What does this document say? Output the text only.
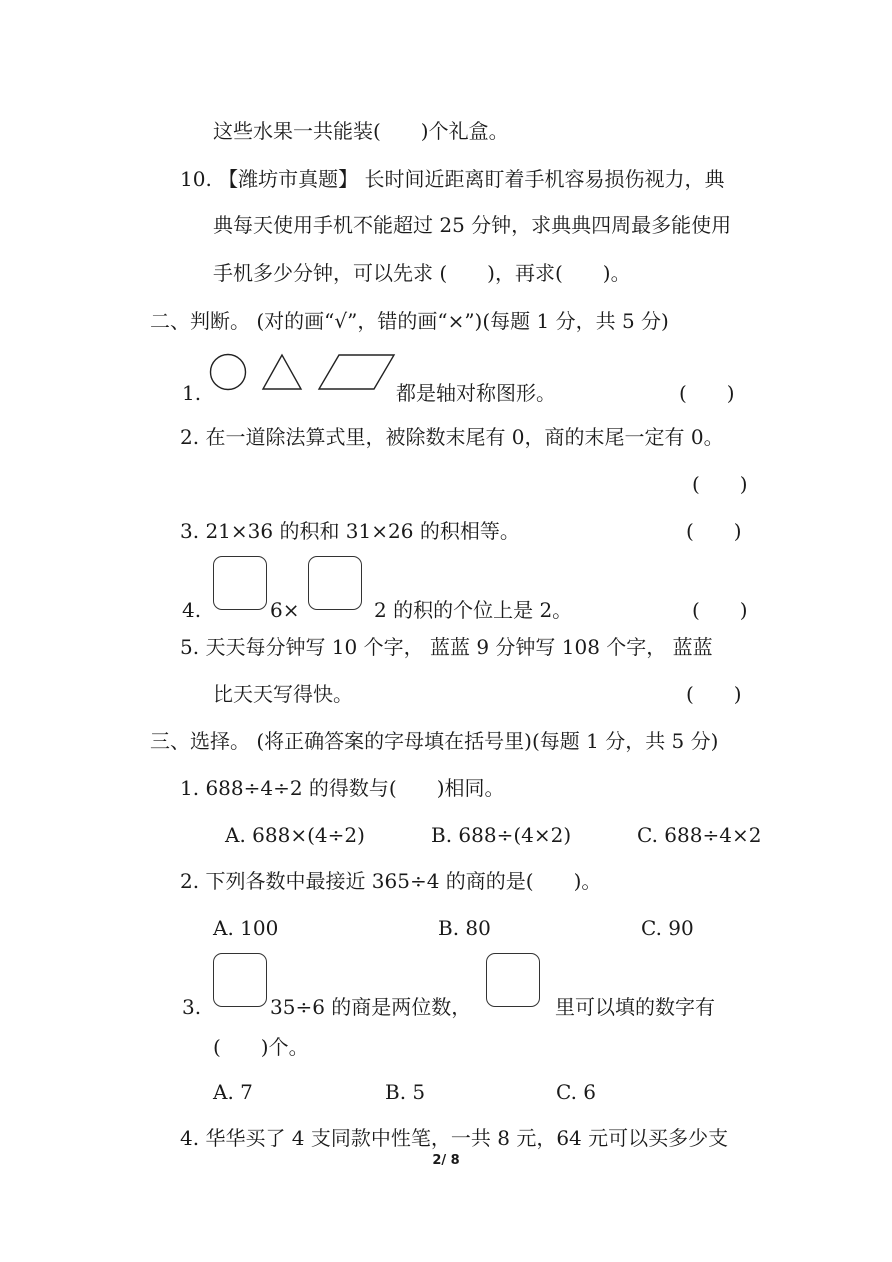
这些水果一共能装(　　)个礼盒。
10. 【潍坊市真题】 长时间近距离盯着手机容易损伤视力，典
典每天使用手机不能超过 25 分钟，求典典四周最多能使用
手机多少分钟，可以先求 (　　)，再求(　　)。
二、判断。 (对的画“√”，错的画“×”)(每题 1 分，共 5 分)
1.	都是轴对称图形。	(　　)
2. 在一道除法算式里，被除数末尾有 0，商的末尾一定有 0。
(　　)
3. 21×36 的积和 31×26 的积相等。	(　　)
4.	6×	2 的积的个位上是 2。	(　　)
5. 天天每分钟写 10 个字， 蓝蓝 9 分钟写 108 个字， 蓝蓝
比天天写得快。	(　　)
三、选择。 (将正确答案的字母填在括号里)(每题 1 分，共 5 分)
1. 688÷4÷2 的得数与(　　)相同。
A. 688×(4÷2)	B. 688÷(4×2)	C. 688÷4×2
2. 下列各数中最接近 365÷4 的商的是(　　)。
A. 100	B. 80	C. 90
3.	35÷6 的商是两位数，	里可以填的数字有
(　　)个。
A. 7	B. 5	C. 6
4. 华华买了 4 支同款中性笔，一共 8 元，64 元可以买多少支
2/ 8
